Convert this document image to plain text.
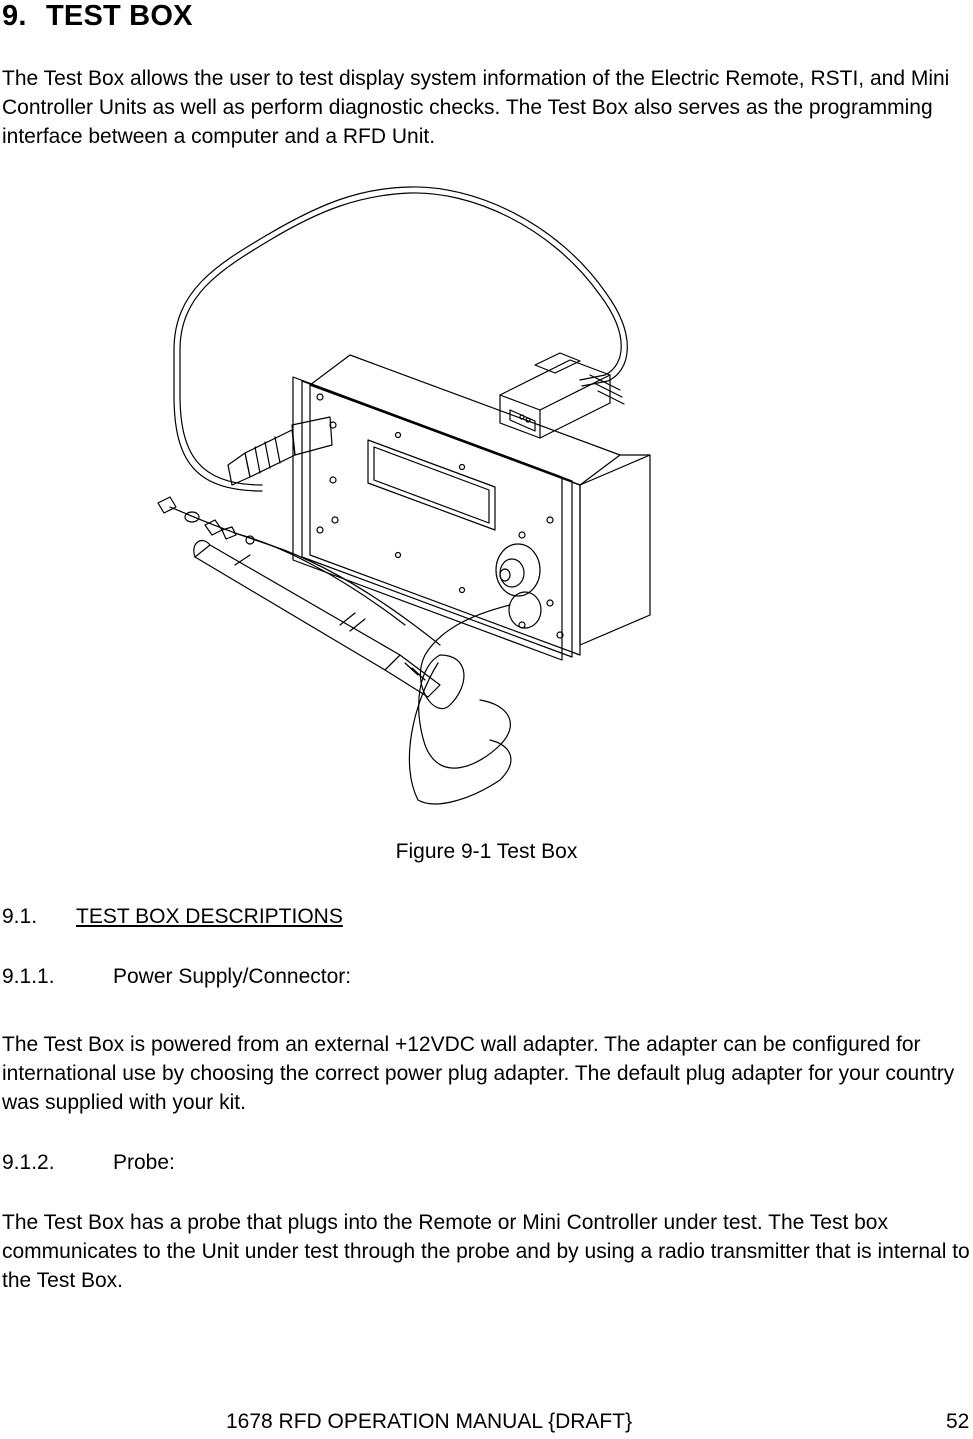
9. TEST BOX
The Test Box allows the user to test display system information of the Electric Remote, RSTI, and Mini Controller Units as well as perform diagnostic checks. The Test Box also serves as the programming interface between a computer and a RFD Unit.
Figure 9-1 Test Box
9.1. TEST BOX DESCRIPTIONS
9.1.1.	Power Supply/Connector:
The Test Box is powered from an external +12VDC wall adapter. The adapter can be configured for international use by choosing the correct power plug adapter. The default plug adapter for your country was supplied with your kit.
9.1.2.	Probe:
The Test Box has a probe that plugs into the Remote or Mini Controller under test. The Test box communicates to the Unit under test through the probe and by using a radio transmitter that is internal to the Test Box.
1678 RFD OPERATION MANUAL {DRAFT}	52
